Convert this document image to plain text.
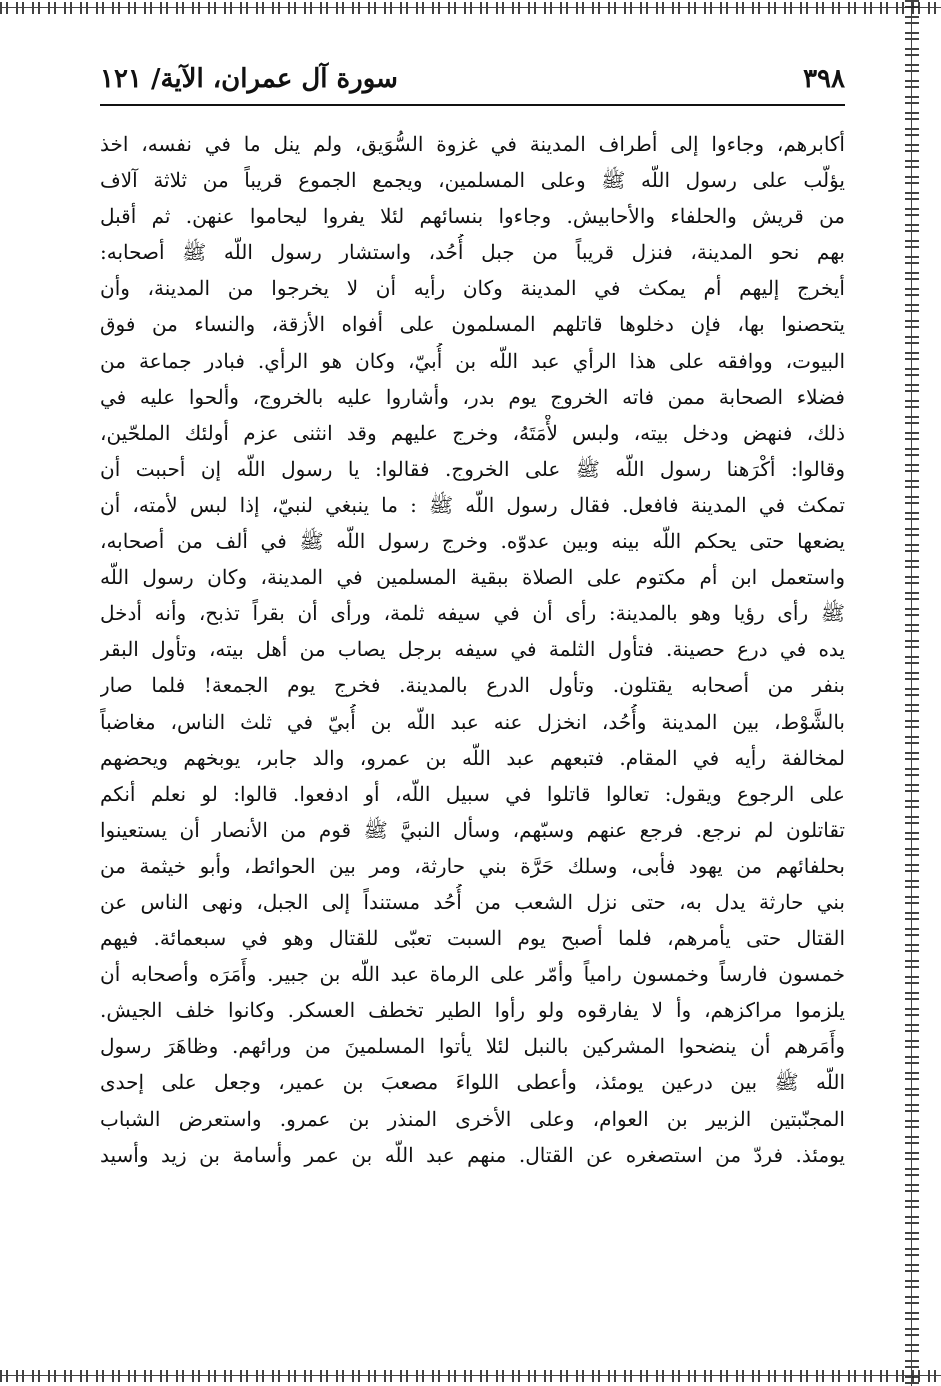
٣٩٨
سورة آل عمران، الآية/ ١٢١
أكابرهم، وجاءوا إلى أطراف المدينة في غزوة السُّوَيق، ولم ينل ما في نفسه، اخذ
يؤلّب على رسول اللّه ﷺ وعلى المسلمين، ويجمع الجموع قريباً من ثلاثة آلاف
من قريش والحلفاء والأحابيش. وجاءوا بنسائهم لئلا يفروا ليحاموا عنهن. ثم أقبل
بهم نحو المدينة، فنزل قريباً من جبل أُحُد، واستشار رسول اللّه ﷺ أصحابه:
أيخرج إليهم أم يمكث في المدينة وكان رأيه أن لا يخرجوا من المدينة، وأن
يتحصنوا بها، فإن دخلوها قاتلهم المسلمون على أفواه الأزقة، والنساء من فوق
البيوت، ووافقه على هذا الرأي عبد اللّه بن أُبيّ، وكان هو الرأي. فبادر جماعة من
فضلاء الصحابة ممن فاته الخروج يوم بدر، وأشاروا عليه بالخروج، وألحوا عليه في
ذلك، فنهض ودخل بيته، ولبس لأْمَتَهُ، وخرج عليهم وقد انثنى عزم أولئك الملحّين،
وقالوا: أكْرَهنا رسول اللّه ﷺ على الخروج. فقالوا: يا رسول اللّه إن أحببت أن
تمكث في المدينة فافعل. فقال رسول اللّه ﷺ : ما ينبغي لنبيّ، إذا لبس لأمته، أن
يضعها حتى يحكم اللّه بينه وبين عدوّه. وخرج رسول اللّه ﷺ في ألف من أصحابه،
واستعمل ابن أم مكتوم على الصلاة ببقية المسلمين في المدينة، وكان رسول اللّه
ﷺ رأى رؤيا وهو بالمدينة: رأى أن في سيفه ثلمة، ورأى أن بقراً تذبح، وأنه أدخل
يده في درع حصينة. فتأول الثلمة في سيفه برجل يصاب من أهل بيته، وتأول البقر
بنفر من أصحابه يقتلون. وتأول الدرع بالمدينة. فخرج يوم الجمعة! فلما صار
بالشَّوْط، بين المدينة وأُحُد، انخزل عنه عبد اللّه بن أُبيّ في ثلث الناس، مغاضباً
لمخالفة رأيه في المقام. فتبعهم عبد اللّه بن عمرو، والد جابر، يوبخهم ويحضهم
على الرجوع ويقول: تعالوا قاتلوا في سبيل اللّه، أو ادفعوا. قالوا: لو نعلم أنكم
تقاتلون لم نرجع. فرجع عنهم وسبّهم، وسأل النبيَّ ﷺ قوم من الأنصار أن يستعينوا
بحلفائهم من يهود فأبى، وسلك حَرَّة بني حارثة، ومر بين الحوائط، وأبو خيثمة من
بني حارثة يدل به، حتى نزل الشعب من أُحُد مستنداً إلى الجبل، ونهى الناس عن
القتال حتى يأمرهم، فلما أصبح يوم السبت تعبّى للقتال وهو في سبعمائة. فيهم
خمسون فارساً وخمسون رامياً وأمّر على الرماة عبد اللّه بن جبير. وأَمَرَه وأصحابه أن
يلزموا مراكزهم، وأ لا يفارقوه ولو رأوا الطير تخطف العسكر. وكانوا خلف الجيش.
وأَمَرهم أن ينضحوا المشركين بالنبل لئلا يأتوا المسلمينَ من ورائهم. وظاهَرَ رسول
اللّه ﷺ بين درعين يومئذ، وأعطى اللواءَ مصعبَ بن عمير، وجعل على إحدى
المجنّبتين الزبير بن العوام، وعلى الأخرى المنذر بن عمرو. واستعرض الشباب
يومئذ. فردّ من استصغره عن القتال. منهم عبد اللّه بن عمر وأسامة بن زيد وأسيد
